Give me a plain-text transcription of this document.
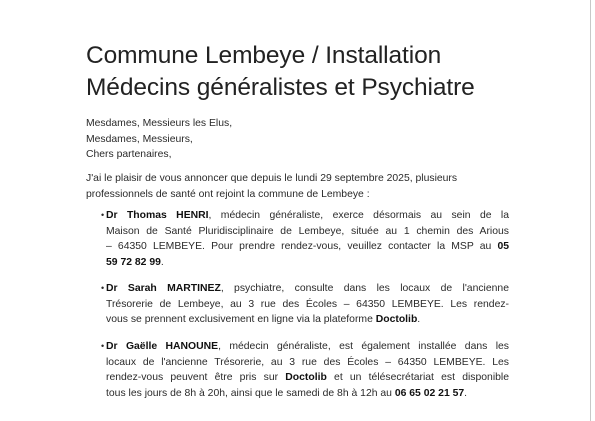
Commune Lembeye / Installation
Médecins généralistes et Psychiatre
Mesdames, Messieurs les Elus,
Mesdames, Messieurs,
Chers partenaires,
J'ai le plaisir de vous annoncer que depuis le lundi 29 septembre 2025, plusieurs
professionnels de santé ont rejoint la commune de Lembeye :
• Dr Thomas HENRI, médecin généraliste, exerce désormais au sein de la
Maison de Santé Pluridisciplinaire de Lembeye, située au 1 chemin des Arious
– 64350 LEMBEYE. Pour prendre rendez-vous, veuillez contacter la MSP au 05
59 72 82 99.
• Dr Sarah MARTINEZ, psychiatre, consulte dans les locaux de l'ancienne
Trésorerie de Lembeye, au 3 rue des Écoles – 64350 LEMBEYE. Les rendez-
vous se prennent exclusivement en ligne via la plateforme Doctolib.
• Dr Gaëlle HANOUNE, médecin généraliste, est également installée dans les
locaux de l'ancienne Trésorerie, au 3 rue des Écoles – 64350 LEMBEYE. Les
rendez-vous peuvent être pris sur Doctolib et un télésecrétariat est disponible
tous les jours de 8h à 20h, ainsi que le samedi de 8h à 12h au 06 65 02 21 57.
